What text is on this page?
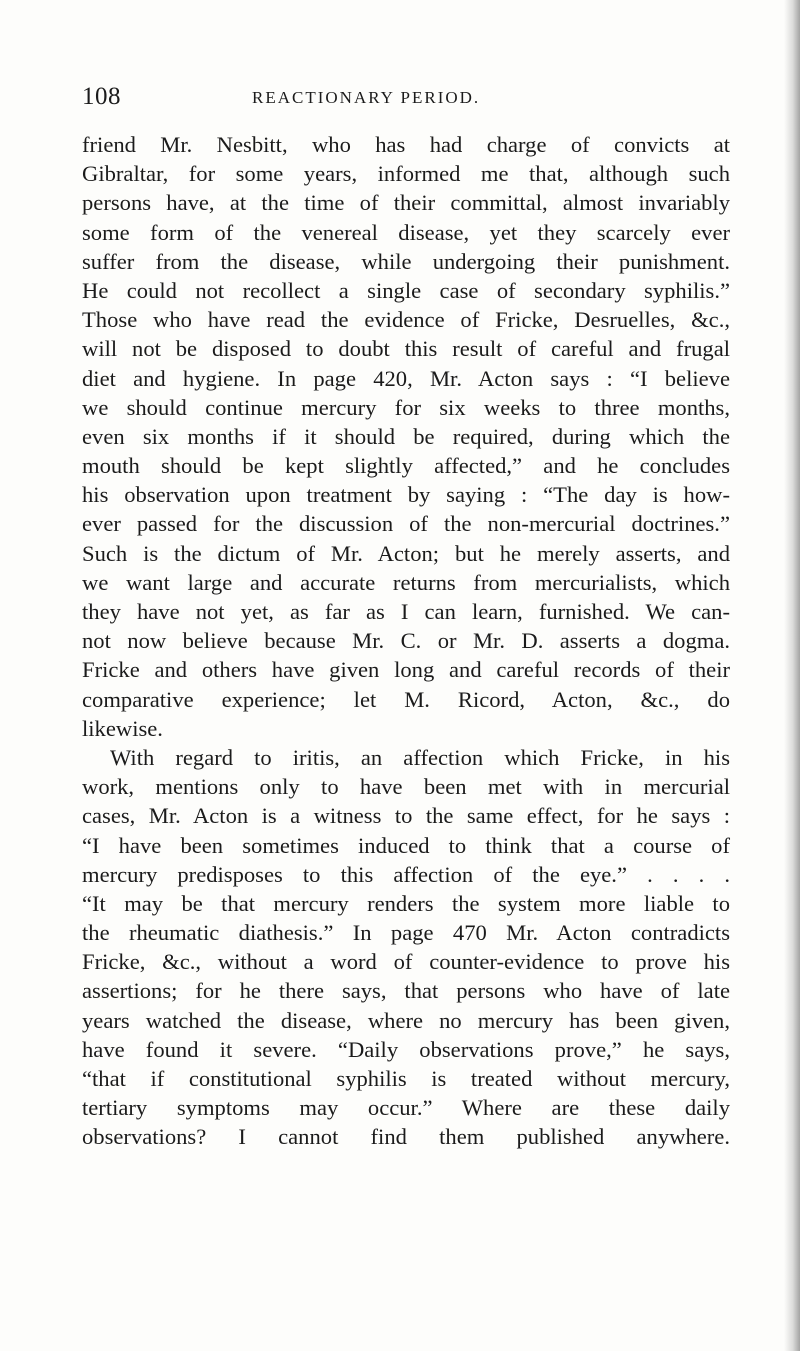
108	REACTIONARY PERIOD.
friend Mr. Nesbitt, who has had charge of convicts at
Gibraltar, for some years, informed me that, although such
persons have, at the time of their committal, almost invariably
some form of the venereal disease, yet they scarcely ever
suffer from the disease, while undergoing their punishment.
He could not recollect a single case of secondary syphilis.”
Those who have read the evidence of Fricke, Desruelles, &c.,
will not be disposed to doubt this result of careful and frugal
diet and hygiene. In page 420, Mr. Acton says : “I believe
we should continue mercury for six weeks to three months,
even six months if it should be required, during which the
mouth should be kept slightly affected,” and he concludes
his observation upon treatment by saying : “The day is how-
ever passed for the discussion of the non-mercurial doctrines.”
Such is the dictum of Mr. Acton; but he merely asserts, and
we want large and accurate returns from mercurialists, which
they have not yet, as far as I can learn, furnished. We can-
not now believe because Mr. C. or Mr. D. asserts a dogma.
Fricke and others have given long and careful records of their
comparative experience; let M. Ricord, Acton, &c., do
likewise.
With regard to iritis, an affection which Fricke, in his
work, mentions only to have been met with in mercurial
cases, Mr. Acton is a witness to the same effect, for he says :
“I have been sometimes induced to think that a course of
mercury predisposes to this affection of the eye.” . . . .
“It may be that mercury renders the system more liable to
the rheumatic diathesis.” In page 470 Mr. Acton contradicts
Fricke, &c., without a word of counter-evidence to prove his
assertions; for he there says, that persons who have of late
years watched the disease, where no mercury has been given,
have found it severe. “Daily observations prove,” he says,
“that if constitutional syphilis is treated without mercury,
tertiary symptoms may occur.” Where are these daily
observations? I cannot find them published anywhere.
